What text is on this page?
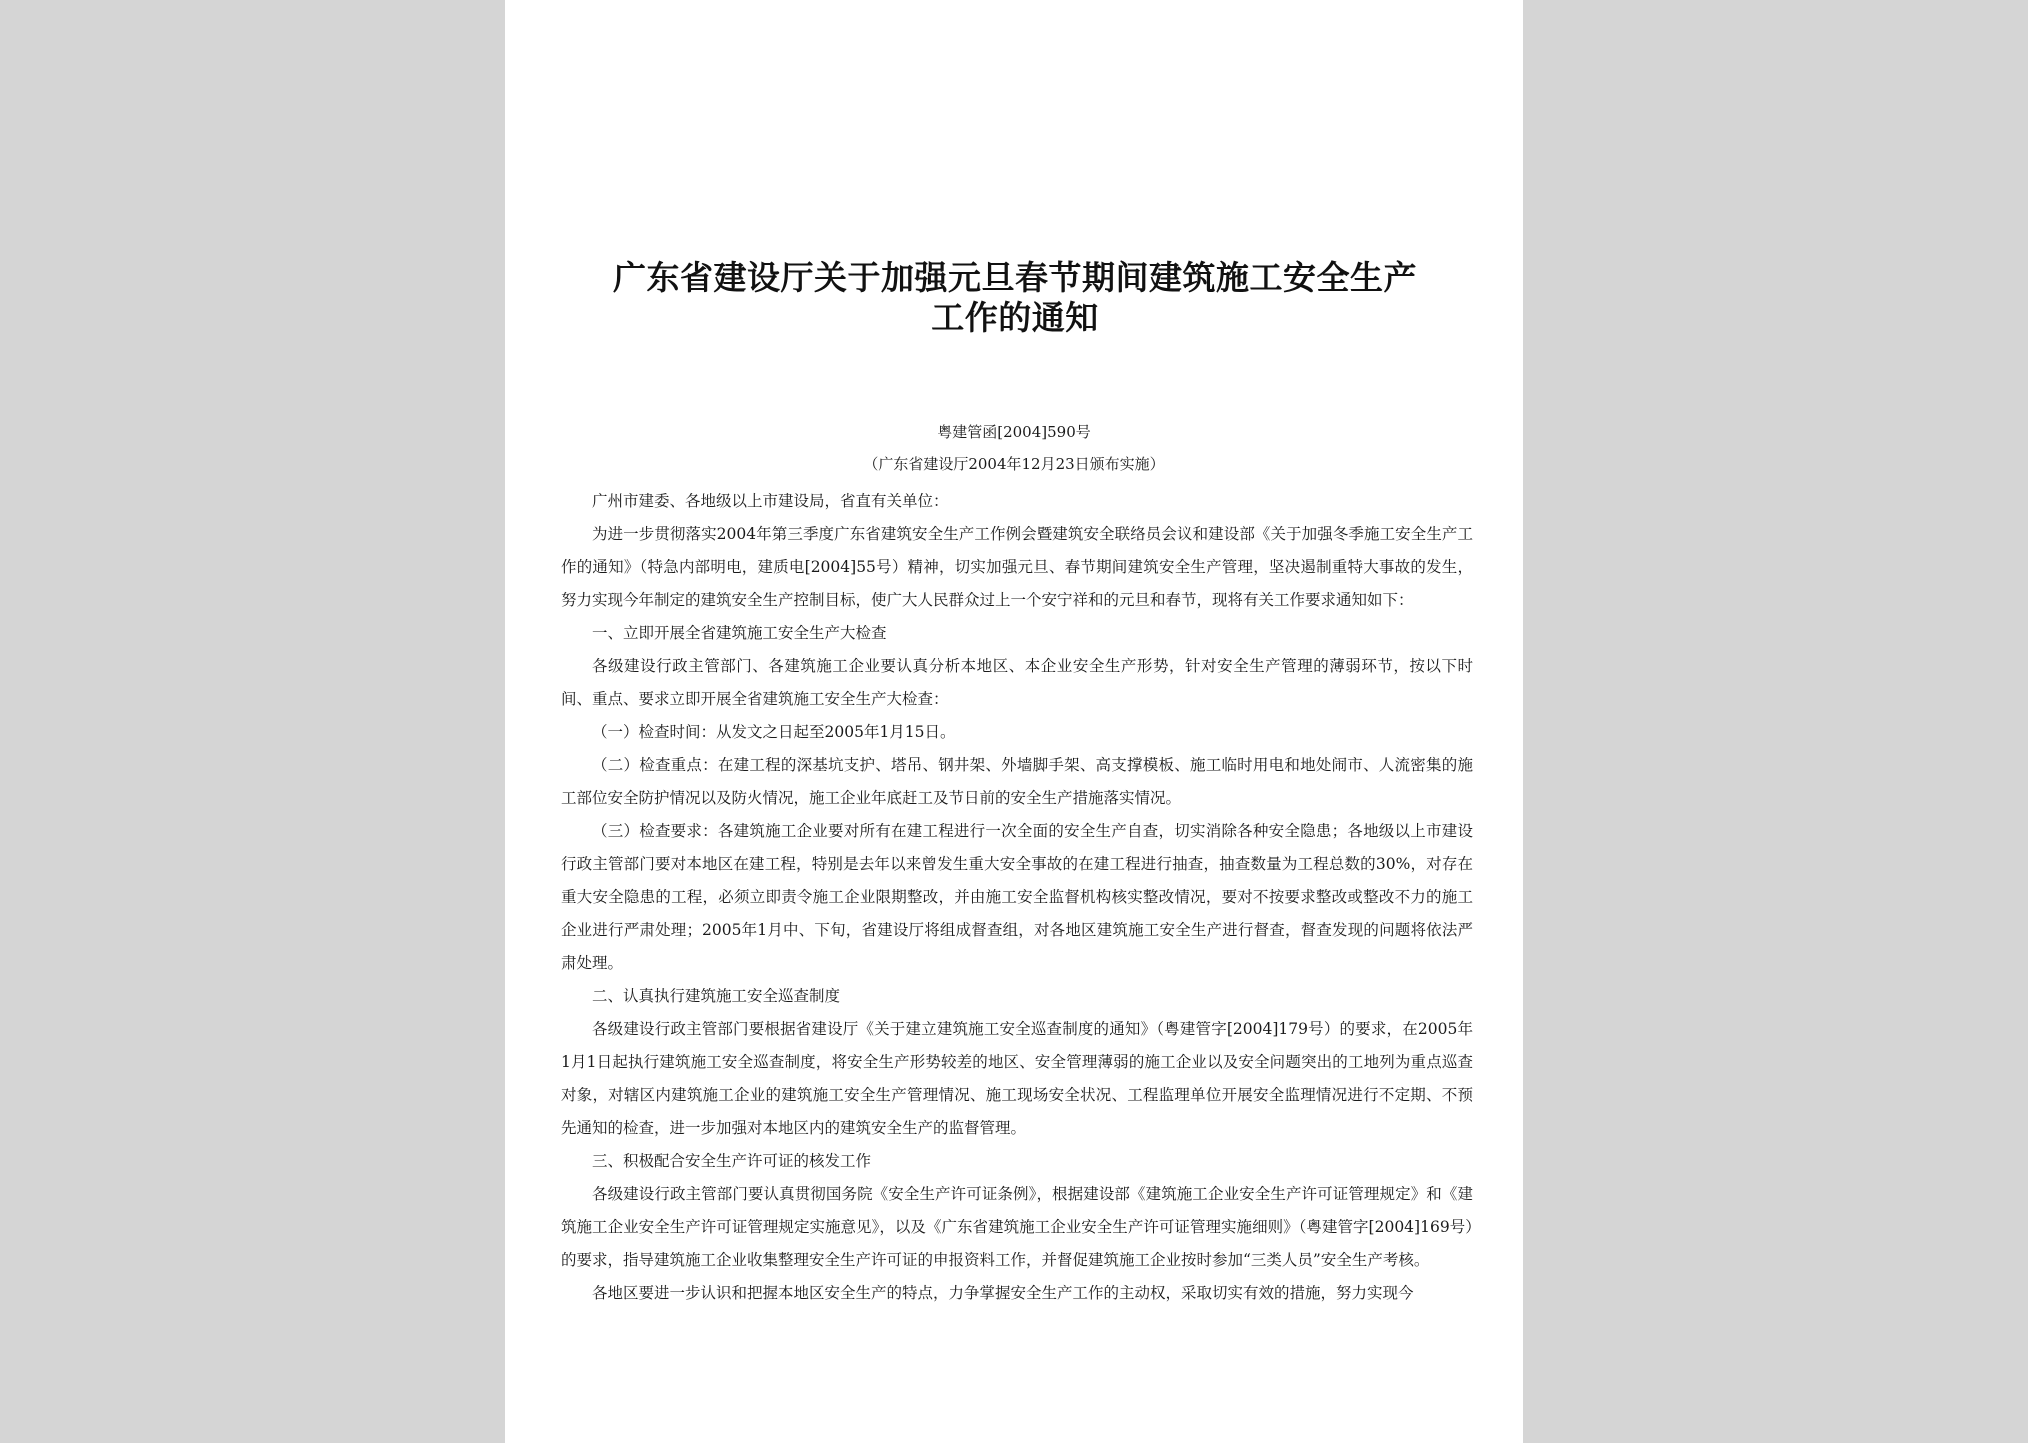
广东省建设厅关于加强元旦春节期间建筑施工安全生产工作的通知
粤建管函[2004]590号
（广东省建设厅2004年12月23日颁布实施）

广州市建委、各地级以上市建设局，省直有关单位：

为进一步贯彻落实2004年第三季度广东省建筑安全生产工作例会暨建筑安全联络员会议和建设部《关于加强冬季施工安全生产工作的通知》（特急内部明电，建质电[2004]55号）精神，切实加强元旦、春节期间建筑安全生产管理，坚决遏制重特大事故的发生，努力实现今年制定的建筑安全生产控制目标，使广大人民群众过上一个安宁祥和的元旦和春节，现将有关工作要求通知如下：

一、立即开展全省建筑施工安全生产大检查

各级建设行政主管部门、各建筑施工企业要认真分析本地区、本企业安全生产形势，针对安全生产管理的薄弱环节，按以下时间、重点、要求立即开展全省建筑施工安全生产大检查：

（一）检查时间：从发文之日起至2005年1月15日。

（二）检查重点：在建工程的深基坑支护、塔吊、钢井架、外墙脚手架、高支撑模板、施工临时用电和地处闹市、人流密集的施工部位安全防护情况以及防火情况，施工企业年底赶工及节日前的安全生产措施落实情况。

（三）检查要求：各建筑施工企业要对所有在建工程进行一次全面的安全生产自查，切实消除各种安全隐患；各地级以上市建设行政主管部门要对本地区在建工程，特别是去年以来曾发生重大安全事故的在建工程进行抽查，抽查数量为工程总数的30%，对存在重大安全隐患的工程，必须立即责令施工企业限期整改，并由施工安全监督机构核实整改情况，要对不按要求整改或整改不力的施工企业进行严肃处理；2005年1月中、下旬，省建设厅将组成督查组，对各地区建筑施工安全生产进行督查，督查发现的问题将依法严肃处理。

二、认真执行建筑施工安全巡查制度

各级建设行政主管部门要根据省建设厅《关于建立建筑施工安全巡查制度的通知》（粤建管字[2004]179号）的要求，在2005年1月1日起执行建筑施工安全巡查制度，将安全生产形势较差的地区、安全管理薄弱的施工企业以及安全问题突出的工地列为重点巡查对象，对辖区内建筑施工企业的建筑施工安全生产管理情况、施工现场安全状况、工程监理单位开展安全监理情况进行不定期、不预先通知的检查，进一步加强对本地区内的建筑安全生产的监督管理。

三、积极配合安全生产许可证的核发工作

各级建设行政主管部门要认真贯彻国务院《安全生产许可证条例》，根据建设部《建筑施工企业安全生产许可证管理规定》和《建筑施工企业安全生产许可证管理规定实施意见》，以及《广东省建筑施工企业安全生产许可证管理实施细则》（粤建管字[2004]169号）的要求，指导建筑施工企业收集整理安全生产许可证的申报资料工作，并督促建筑施工企业按时参加“三类人员”安全生产考核。

各地区要进一步认识和把握本地区安全生产的特点，力争掌握安全生产工作的主动权，采取切实有效的措施，努力实现今
